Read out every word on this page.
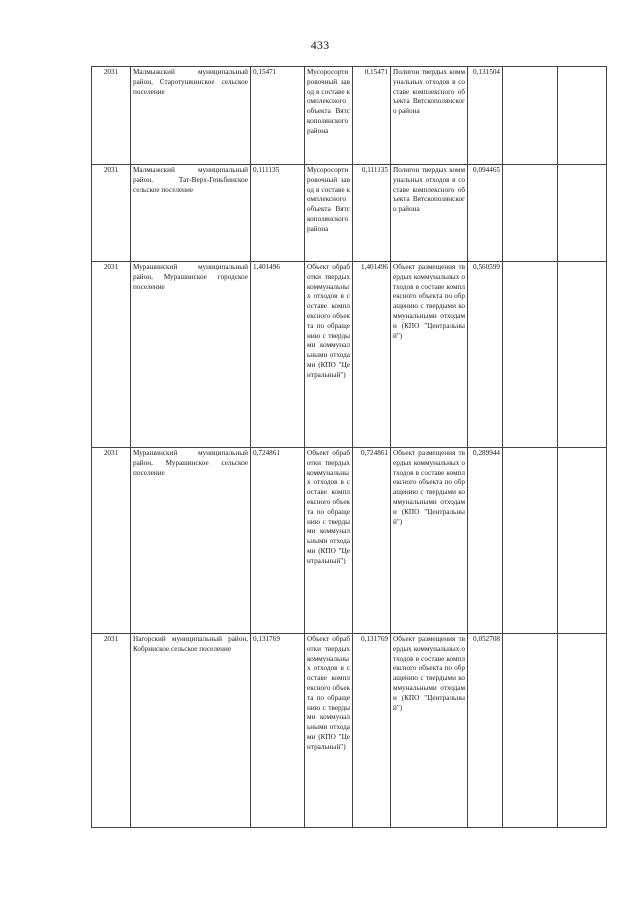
433
2031	Малмыжский муниципальный район, Старотушкинское сельское поселение	0,15471	Мусоросортировочный завод в составе комплексного объекта Вятскополянского района	0,15471	Полигон твердых коммунальных отходов в составе комплексного объекта Вятскополянского района	0,131504		
2031	Малмыжский муниципальный район, Тат-Верх-Гоньбинское сельское поселение	0,111135	Мусоросортировочный завод в составе комплексного объекта Вятскополянского района	0,111135	Полигон твердых коммунальных отходов в составе комплексного объекта Вятскополянского района	0,094465		
2031	Мурашинский муниципальный район, Мурашинское городское поселение	1,401496	Объект обработки твердых коммунальных отходов в составе комплексного объекта по обращению с твердыми коммунальными отходами (КПО "Центральный")	1,401496	Объект размещения твердых коммунальных отходов в составе комплексного объекта по обращению с твердыми коммунальными отходами (КПО "Центральный")	0,560599		
2031	Мурашинский муниципальный район, Мурашинское сельское поселение	0,724861	Объект обработки твердых коммунальных отходов в составе комплексного объекта по обращению с твердыми коммунальными отходами (КПО "Центральный")	0,724861	Объект размещения твердых коммунальных отходов в составе комплексного объекта по обращению с твердыми коммунальными отходами (КПО "Центральный")	0,289944		
2031	Нагорский муниципальный район, Кобринское сельское поселение	0,131769	Объект обработки твердых коммунальных отходов в составе комплексного объекта по обращению с твердыми коммунальными отходами (КПО "Центральный")	0,131769	Объект размещения твердых коммунальных отходов в составе комплексного объекта по обращению с твердыми коммунальными отходами (КПО "Центральный")	0,052708		
